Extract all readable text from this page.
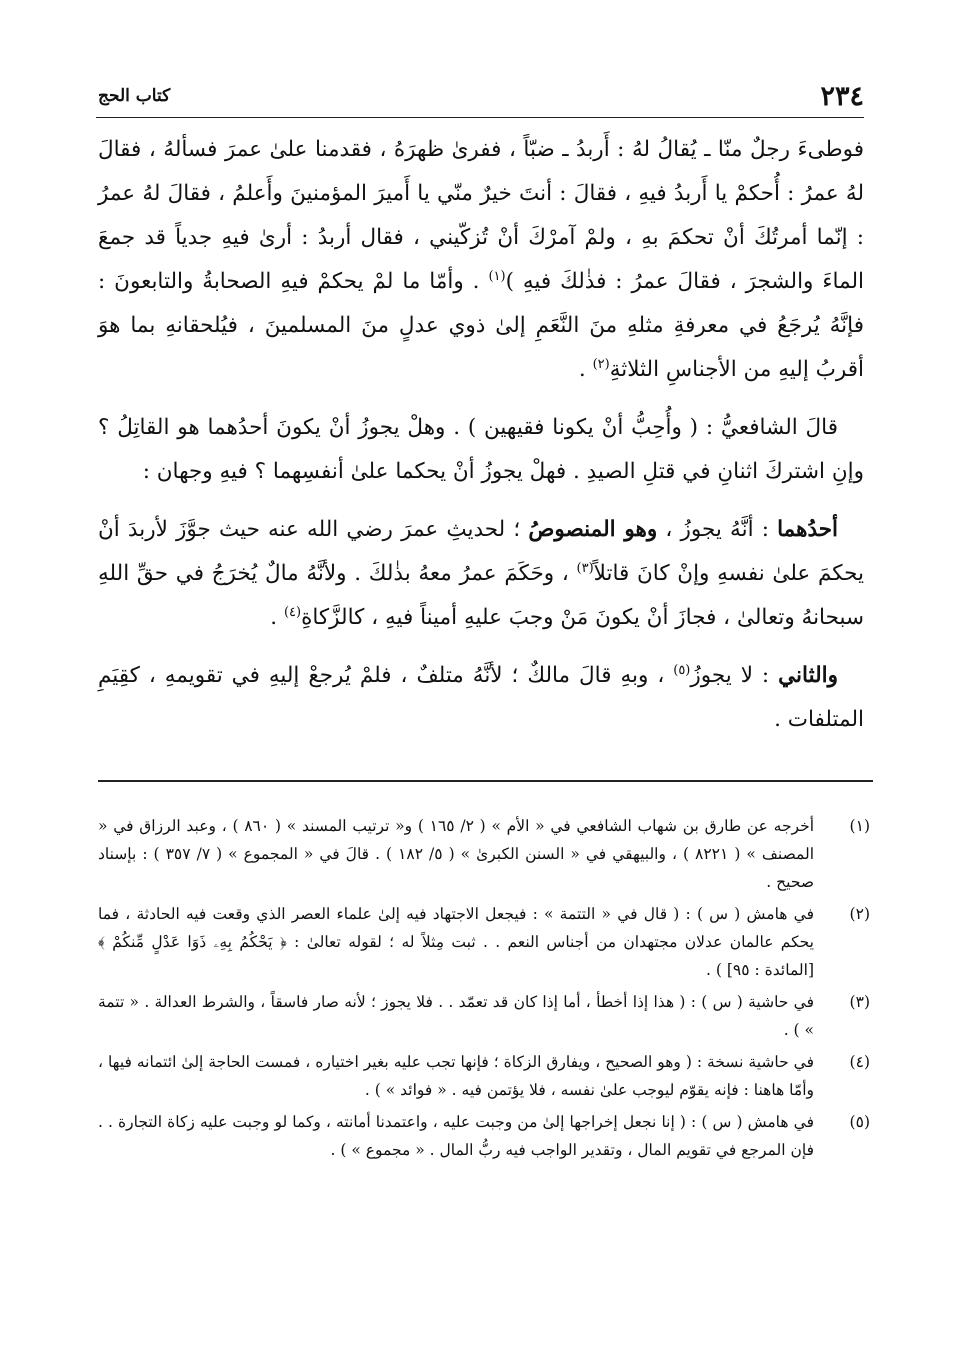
٢٣٤
كتاب الحج

فوطىءَ رجلٌ منّا ـ يُقالُ لهُ : أَربدُ ـ ضبّاً ، ففرىٰ ظهرَهُ ، فقدمنا علىٰ عمرَ فسألهُ ، فقالَ لهُ عمرُ : أُحكمْ يا أَربدُ فيهِ ، فقالَ : أنتَ خيرٌ منّي يا أَميرَ المؤمنينَ وأَعلمُ ، فقالَ لهُ عمرُ : إنّما أمرتُكَ أنْ تحكمَ بهِ ، ولمْ آمرْكَ أنْ تُزكّيني ، فقال أربدُ : أرىٰ فيهِ جدياً قد جمعَ الماءَ والشجرَ ، فقالَ عمرُ : فذٰلكَ فيهِ )$^{(١)}$ . وأمّا ما لمْ يحكمْ فيهِ الصحابةُ والتابعونَ : فإنَّهُ يُرجَعُ في معرفةِ مثلهِ منَ النَّعَمِ إلىٰ ذوي عدلٍ منَ المسلمينَ ، فيُلحقانهِ بما هوَ أقربُ إليهِ من الأجناسِ الثلاثةِ$^{(٢)}$ .

قالَ الشافعيُّ : ( وأُحِبُّ أنْ يكونا فقيهين ) . وهلْ يجوزُ أنْ يكونَ أحدُهما هو القاتِلُ ؟ وإنِ اشتركَ اثنانِ في قتلِ الصيدِ . فهلْ يجوزُ أنْ يحكما علىٰ أنفسِهما ؟ فيهِ وجهان :

أحدُهما : أنَّهُ يجوزُ ، وهو المنصوصُ ؛ لحديثِ عمرَ رضي الله عنه حيث جوَّزَ لأربدَ أنْ يحكمَ علىٰ نفسهِ وإنْ كانَ قاتلاً$^{(٣)}$ ، وحَكَمَ عمرُ معهُ بذٰلكَ . ولأنَّهُ مالٌ يُخرَجُ في حقِّ اللهِ سبحانهُ وتعالىٰ ، فجازَ أنْ يكونَ مَنْ وجبَ عليهِ أميناً فيهِ ، كالزَّكاةِ$^{(٤)}$ .

والثاني : لا يجوزُ$^{(٥)}$ ، وبهِ قالَ مالكٌ ؛ لأنَّهُ متلفٌ ، فلمْ يُرجعْ إليهِ في تقويمهِ ، كقِيَمِ المتلفات .

(١)
أخرجه عن طارق بن شهاب الشافعي في « الأم » ( ٢/ ١٦٥ ) و« ترتيب المسند » ( ٨٦٠ ) ، وعبد الرزاق في « المصنف » ( ٨٢٢١ ) ، والبيهقي في « السنن الكبرىٰ » ( ٥/ ١٨٢ ) . قالَ في « المجموع » ( ٧/ ٣٥٧ ) : بإسناد صحيح .
(٢)
في هامش ( س ) : ( قال في « التتمة » : فيجعل الاجتهاد فيه إلىٰ علماء العصر الذي وقعت فيه الحادثة ، فما يحكم عالمان عدلان مجتهدان من أجناس النعم . . ثبت مِثلاً له ؛ لقوله تعالىٰ : ﴿ يَحْكُمُ بِهِۦ ذَوَا عَدْلٍ مِّنكُمْ ﴾ [المائدة : ٩٥] ) .
(٣)
في حاشية ( س ) : ( هذا إذا أخطأ ، أما إذا كان قد تعمّد . . فلا يجوز ؛ لأنه صار فاسقاً ، والشرط العدالة . « تتمة » ) .
(٤)
في حاشية نسخة : ( وهو الصحيح ، ويفارق الزكاة ؛ فإنها تجب عليه بغير اختياره ، فمست الحاجة إلىٰ ائتمانه فيها ، وأمّا هاهنا : فإنه يقوّم ليوجب علىٰ نفسه ، فلا يؤتمن فيه . « فوائد » ) .
(٥)
في هامش ( س ) : ( إنا نجعل إخراجها إلىٰ من وجبت عليه ، واعتمدنا أمانته ، وكما لو وجبت عليه زكاة التجارة . . فإن المرجع في تقويم المال ، وتقدير الواجب فيه ربُّ المال . « مجموع » ) .
